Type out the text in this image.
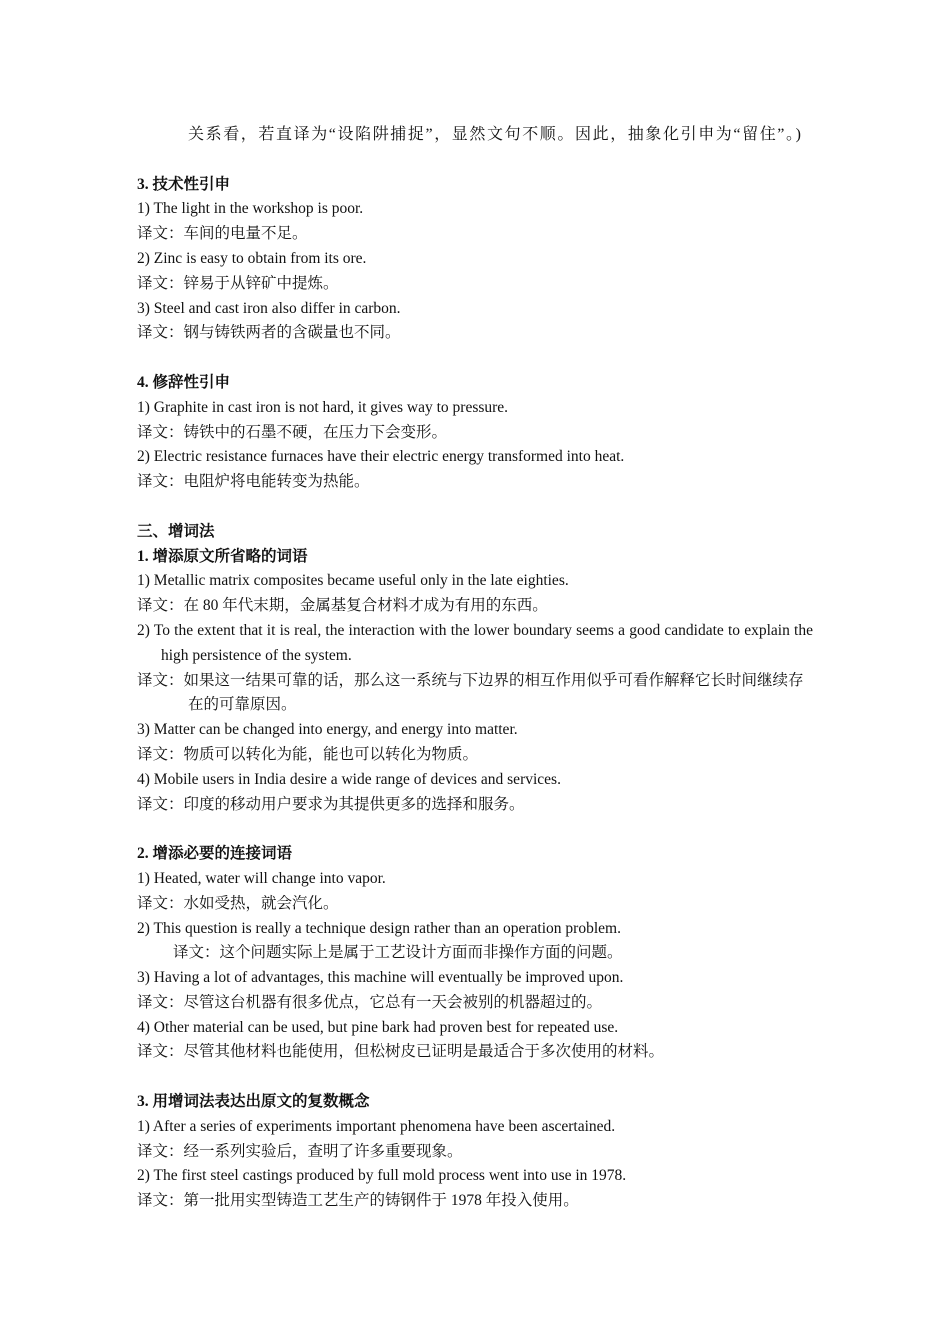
关系看，若直译为“设陷阱捕捉”，显然文句不顺。因此，抽象化引申为“留住”。)
3. 技术性引申
1) The light in the workshop is poor.
译文：车间的电量不足。
2) Zinc is easy to obtain from its ore.
译文：锌易于从锌矿中提炼。
3) Steel and cast iron also differ in carbon.
译文：钢与铸铁两者的含碳量也不同。
4. 修辞性引申
1) Graphite in cast iron is not hard, it gives way to pressure.
译文：铸铁中的石墨不硬，在压力下会变形。
2) Electric resistance furnaces have their electric energy transformed into heat.
译文：电阻炉将电能转变为热能。
三、增词法
1. 增添原文所省略的词语
1) Metallic matrix composites became useful only in the late eighties.
译文：在 80 年代末期，金属基复合材料才成为有用的东西。
2) To the extent that it is real, the interaction with the lower boundary seems a good candidate to explain the high persistence of the system.
译文：如果这一结果可靠的话，那么这一系统与下边界的相互作用似乎可看作解释它长时间继续存在的可靠原因。
3) Matter can be changed into energy, and energy into matter.
译文：物质可以转化为能，能也可以转化为物质。
4) Mobile users in India desire a wide range of devices and services.
译文：印度的移动用户要求为其提供更多的选择和服务。
2. 增添必要的连接词语
1) Heated, water will change into vapor.
译文：水如受热，就会汽化。
2) This question is really a technique design rather than an operation problem.
译文：这个问题实际上是属于工艺设计方面而非操作方面的问题。
3) Having a lot of advantages, this machine will eventually be improved upon.
译文：尽管这台机器有很多优点，它总有一天会被别的机器超过的。
4) Other material can be used, but pine bark had proven best for repeated use.
译文：尽管其他材料也能使用，但松树皮已证明是最适合于多次使用的材料。
3. 用增词法表达出原文的复数概念
1) After a series of experiments important phenomena have been ascertained.
译文：经一系列实验后，查明了许多重要现象。
2) The first steel castings produced by full mold process went into use in 1978.
译文：第一批用实型铸造工艺生产的铸钢件于 1978 年投入使用。
